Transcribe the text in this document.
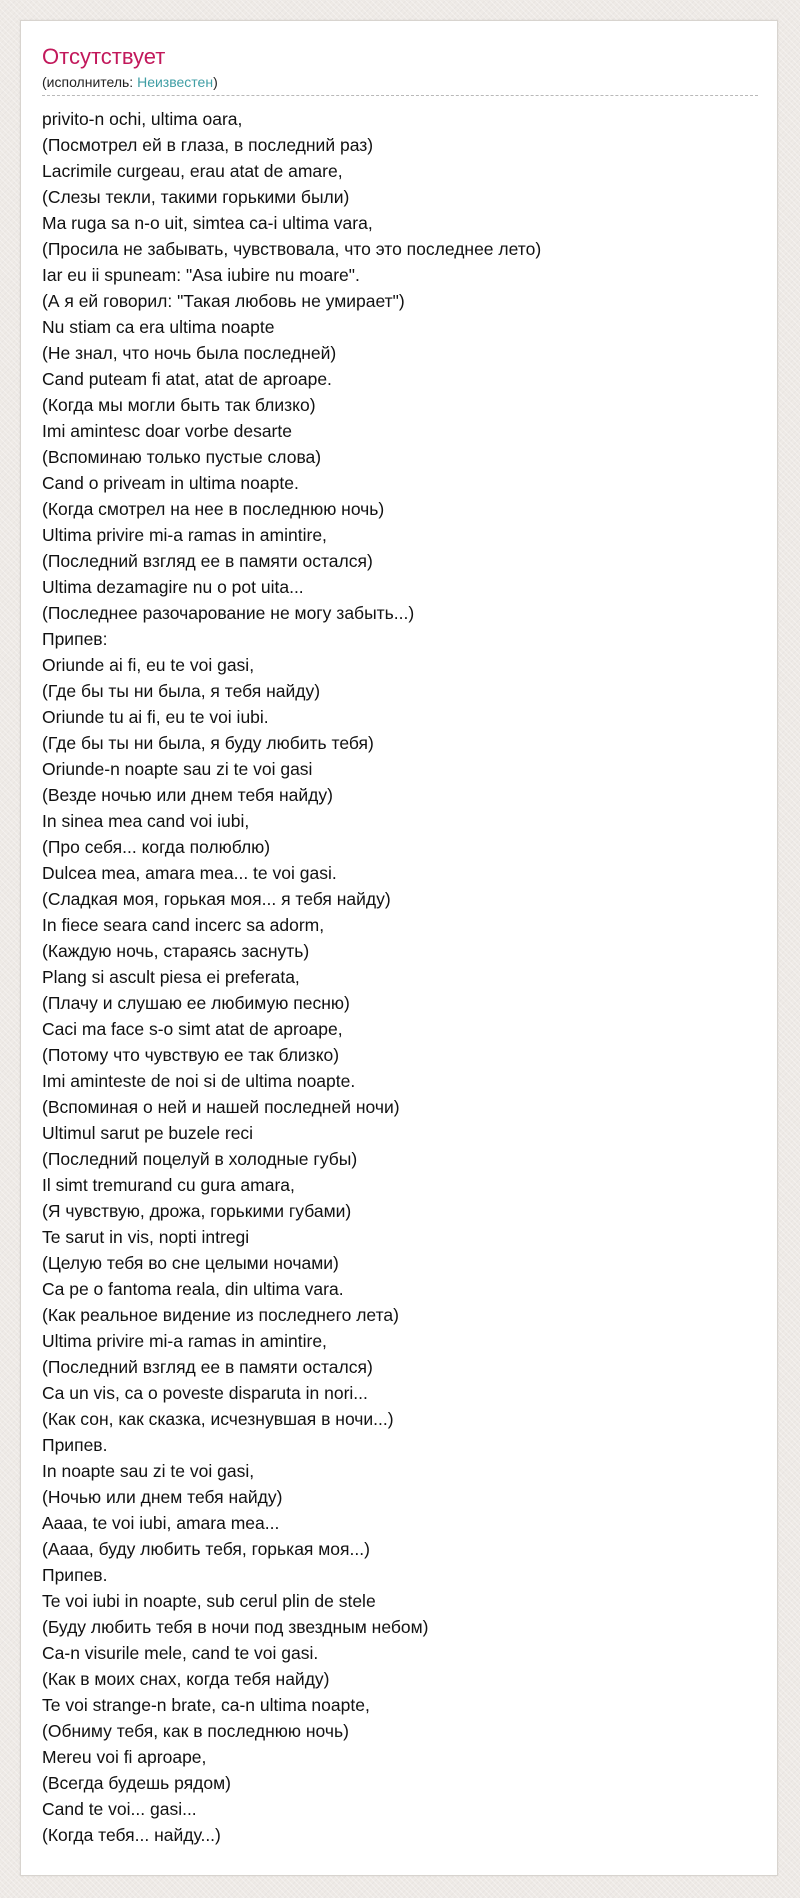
Отсутствует
(исполнитель: Неизвестен)
privito-n ochi, ultima oara,
(Посмотрел ей в глаза, в последний раз)
Lacrimile curgeau, erau atat de amare,
(Слезы текли, такими горькими были)
Ma ruga sa n-o uit, simtea ca-i ultima vara,
(Просила не забывать, чувствовала, что это последнее лето)
Iar eu ii spuneam: "Asa iubire nu moare".
(А я ей говорил: "Такая любовь не умирает")
Nu stiam ca era ultima noapte
(Не знал, что ночь была последней)
Cand puteam fi atat, atat de aproape.
(Когда мы могли быть так близко)
Imi amintesc doar vorbe desarte
(Вспоминаю только пустые слова)
Cand o priveam in ultima noapte.
(Когда смотрел на нее в последнюю ночь)
Ultima privire mi-a ramas in amintire,
(Последний взгляд ее в памяти остался)
Ultima dezamagire nu o pot uita...
(Последнее разочарование не могу забыть...)
Припев:
Oriunde ai fi, eu te voi gasi,
(Где бы ты ни была, я тебя найду)
Oriunde tu ai fi, eu te voi iubi.
(Где бы ты ни была, я буду любить тебя)
Oriunde-n noapte sau zi te voi gasi
(Везде ночью или днем тебя найду)
In sinea mea cand voi iubi,
(Про себя... когда полюблю)
Dulcea mea, amara mea... te voi gasi.
(Сладкая моя, горькая моя... я тебя найду)
In fiece seara cand incerc sa adorm,
(Каждую ночь, стараясь заснуть)
Plang si ascult piesa ei preferata,
(Плачу и слушаю ее любимую песню)
Caci ma face s-o simt atat de aproape,
(Потому что чувствую ее так близко)
Imi aminteste de noi si de ultima noapte.
(Вспоминая о ней и нашей последней ночи)
Ultimul sarut pe buzele reci
(Последний поцелуй в холодные губы)
Il simt tremurand cu gura amara,
(Я чувствую, дрожа, горькими губами)
Te sarut in vis, nopti intregi
(Целую тебя во сне целыми ночами)
Ca pe o fantoma reala, din ultima vara.
(Как реальное видение из последнего лета)
Ultima privire mi-a ramas in amintire,
(Последний взгляд ее в памяти остался)
Ca un vis, ca o poveste disparuta in nori...
(Как сон, как сказка, исчезнувшая в ночи...)
Припев.
In noapte sau zi te voi gasi,
(Ночью или днем тебя найду)
Aaaa, te voi iubi, amara mea...
(Аааа, буду любить тебя, горькая моя...)
Припев.
Te voi iubi in noapte, sub cerul plin de stele
(Буду любить тебя в ночи под звездным небом)
Ca-n visurile mele, cand te voi gasi.
(Как в моих снах, когда тебя найду)
Te voi strange-n brate, ca-n ultima noapte,
(Обниму тебя, как в последнюю ночь)
Mereu voi fi aproape,
(Всегда будешь рядом)
Cand te voi... gasi...
(Когда тебя... найду...)
